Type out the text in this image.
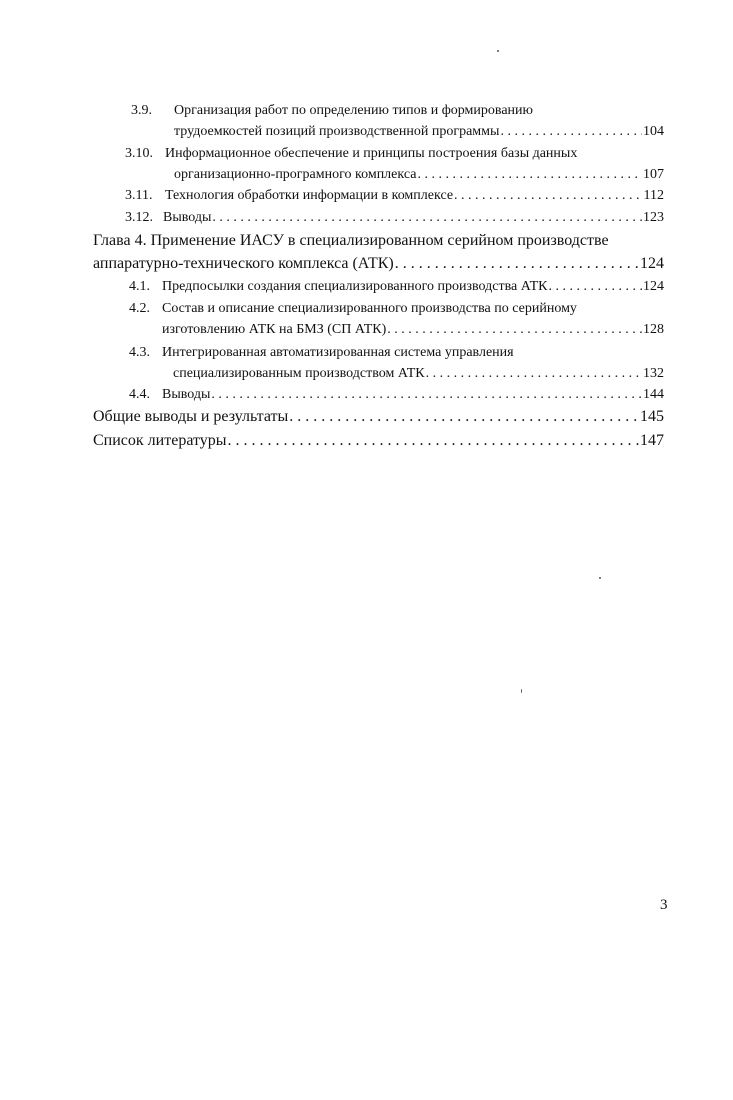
3.9.	Организация работ по определению типов и формированию
трудоемкостей позиций производственной программы . . .	104
3.10. Информационное обеспечение и принципы построения базы данных
организационно-програмного комплекса . . .	107
3.11. Технология обработки информации в комплексе . . .	112
3.12. Выводы . . .	123
Глава 4. Применение ИАСУ в специализированном серийном производстве
аппаратурно-технического комплекса (АТК) . . .	124
4.1. Предпосылки создания специализированного производства АТК . . .	124
4.2. Состав и описание специализированного производства по серийному
изготовлению АТК на БМЗ (СП АТК) . . .	128
4.3. Интегрированная автоматизированная система управления
специализированным производством АТК . . .	132
4.4. Выводы . . .	144
Общие выводы и результаты . . .	145
Список литературы . . .	147
3
